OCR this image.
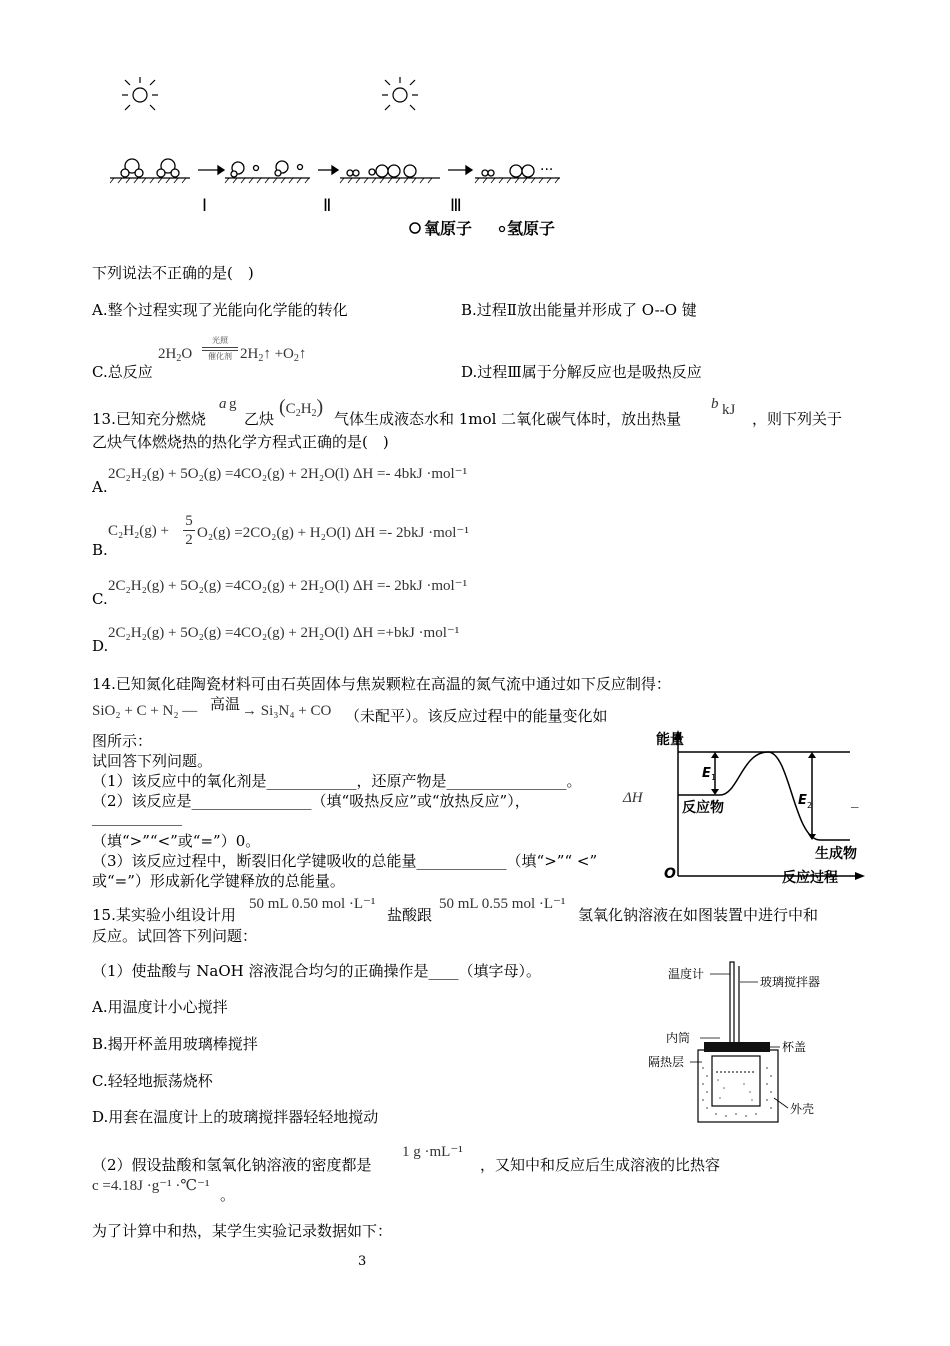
···
Ⅰ	Ⅱ	Ⅲ
氧原子 氢原子
下列说法不正确的是(　)
A.整个过程实现了光能向化学能的转化	B.过程Ⅱ放出能量并形成了 O--O 键
C.总反应
$2H_2O$
光照

催化剂 $2H_2↑$ $+O_2↑$
D.过程Ⅲ属于分解反应也是吸热反应
13.已知充分燃烧
a g
乙炔
$(C_2H_2)$
气体生成液态水和 1mol 二氧化碳气体时，放出热量
b kJ ，则下列关于
乙炔气体燃烧热的热化学方程式正确的是(　)
A.
2C₂H₂(g) + 5O₂(g) =4CO₂(g) + 2H₂O(l) ΔH =- 4bkJ ·mol⁻¹
B.
C₂H₂(g) +
5
2 O₂(g) =2CO₂(g) + H₂O(l) ΔH =- 2bkJ ·mol⁻¹
C.
2C₂H₂(g) + 5O₂(g) =4CO₂(g) + 2H₂O(l) ΔH =- 2bkJ ·mol⁻¹
D.
2C₂H₂(g) + 5O₂(g) =4CO₂(g) + 2H₂O(l) ΔH =+bkJ ·mol⁻¹
14.已知氮化硅陶瓷材料可由石英固体与焦炭颗粒在高温的氮气流中通过如下反应制得：
SiO₂ + C + N₂ — 高温 → Si₃N₄ + CO （未配平）。该反应过程中的能量变化如
图所示：
试回答下列问题。
（1）该反应中的氧化剂是____________，还原产物是________________。
（2）该反应是________________（填“吸热反应”或“放热反应”），	ΔH	_
____________
（填“>”“<”或“=”）0。
（3）该反应过程中，断裂旧化学键吸收的总能量____________（填“>”“ <”
或“=”）形成新化学键释放的总能量。
能量
反应物
生成物
E 1
E 2
O	反应过程
15.某实验小组设计用
50 mL 0.50 mol ·L⁻¹
盐酸跟
50 mL 0.55 mol ·L⁻¹
氢氧化钠溶液在如图装置中进行中和
反应。试回答下列问题：
（1）使盐酸与 NaOH 溶液混合均匀的正确操作是____（填字母）。
A.用温度计小心搅拌
B.揭开杯盖用玻璃棒搅拌
C.轻轻地振荡烧杯
D.用套在温度计上的玻璃搅拌器轻轻地搅动
温度计
玻璃搅拌器
内筒
杯盖
隔热层
外壳
（2）假设盐酸和氢氧化钠溶液的密度都是
1 g ·mL⁻¹
，又知中和反应后生成溶液的比热容
c =4.18J ·g⁻¹ ·℃⁻¹ 。
为了计算中和热，某学生实验记录数据如下：
3
